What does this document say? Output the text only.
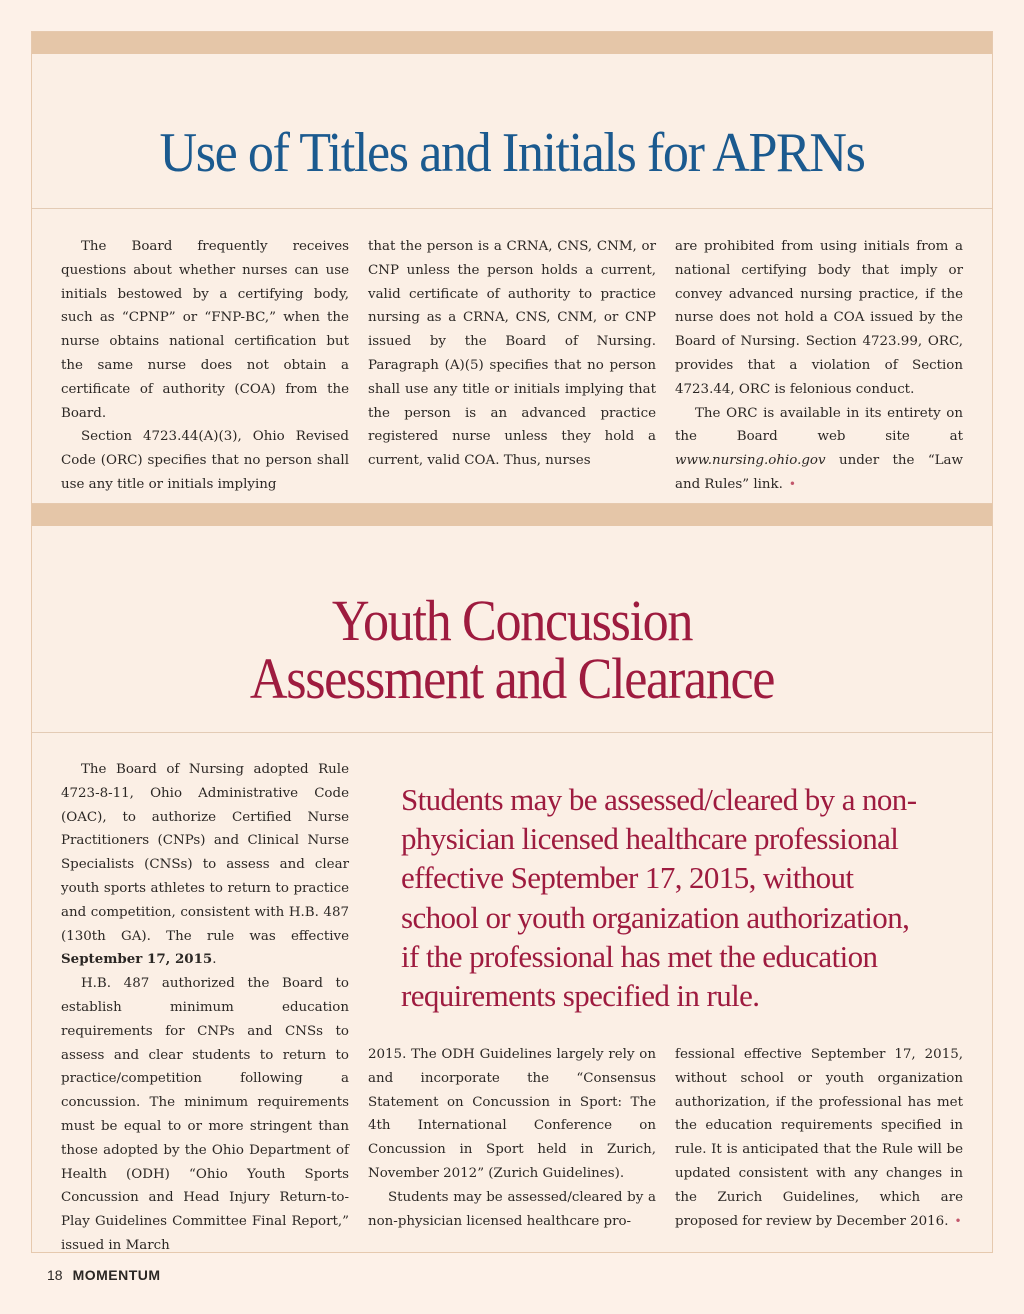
Use of Titles and Initials for APRNs

The Board frequently receives questions about whether nurses can use initials bestowed by a certifying body, such as “CPNP” or “FNP-BC,” when the nurse obtains national certification but the same nurse does not obtain a certificate of authority (COA) from the Board.

Section 4723.44(A)(3), Ohio Revised Code (ORC) specifies that no person shall use any title or initials implying

that the person is a CRNA, CNS, CNM, or CNP unless the person holds a current, valid certificate of authority to practice nursing as a CRNA, CNS, CNM, or CNP issued by the Board of Nursing. Paragraph (A)(5) specifies that no person shall use any title or initials implying that the person is an advanced practice registered nurse unless they hold a current, valid COA. Thus, nurses

are prohibited from using initials from a national certifying body that imply or convey advanced nursing practice, if the nurse does not hold a COA issued by the Board of Nursing. Section 4723.99, ORC, provides that a violation of Section 4723.44, ORC is felonious conduct.

The ORC is available in its entirety on the Board web site at www.nursing.ohio.gov under the “Law and Rules” link. •

Youth Concussion
Assessment and Clearance

The Board of Nursing adopted Rule 4723-8-11, Ohio Administrative Code (OAC), to authorize Certified Nurse Practitioners (CNPs) and Clinical Nurse Specialists (CNSs) to assess and clear youth sports athletes to return to practice and competition, consistent with H.B. 487 (130th GA). The rule was effective September 17, 2015.

H.B. 487 authorized the Board to establish minimum education requirements for CNPs and CNSs to assess and clear students to return to practice/competition following a concussion. The minimum requirements must be equal to or more stringent than those adopted by the Ohio Department of Health (ODH) “Ohio Youth Sports Concussion and Head Injury Return-to-Play Guidelines Committee Final Report,” issued in March

Students may be assessed/cleared by a non-
physician licensed healthcare professional
effective September 17, 2015, without
school or youth organization authorization,
if the professional has met the education
requirements specified in rule.

2015. The ODH Guidelines largely rely on and incorporate the “Consensus Statement on Concussion in Sport: The 4th International Conference on Concussion in Sport held in Zurich, November 2012” (Zurich Guidelines).

Students may be assessed/cleared by a non-physician licensed healthcare pro-

fessional effective September 17, 2015, without school or youth organization authorization, if the professional has met the education requirements specified in rule. It is anticipated that the Rule will be updated consistent with any changes in the Zurich Guidelines, which are proposed for review by December 2016. •

18 MOMENTUM
